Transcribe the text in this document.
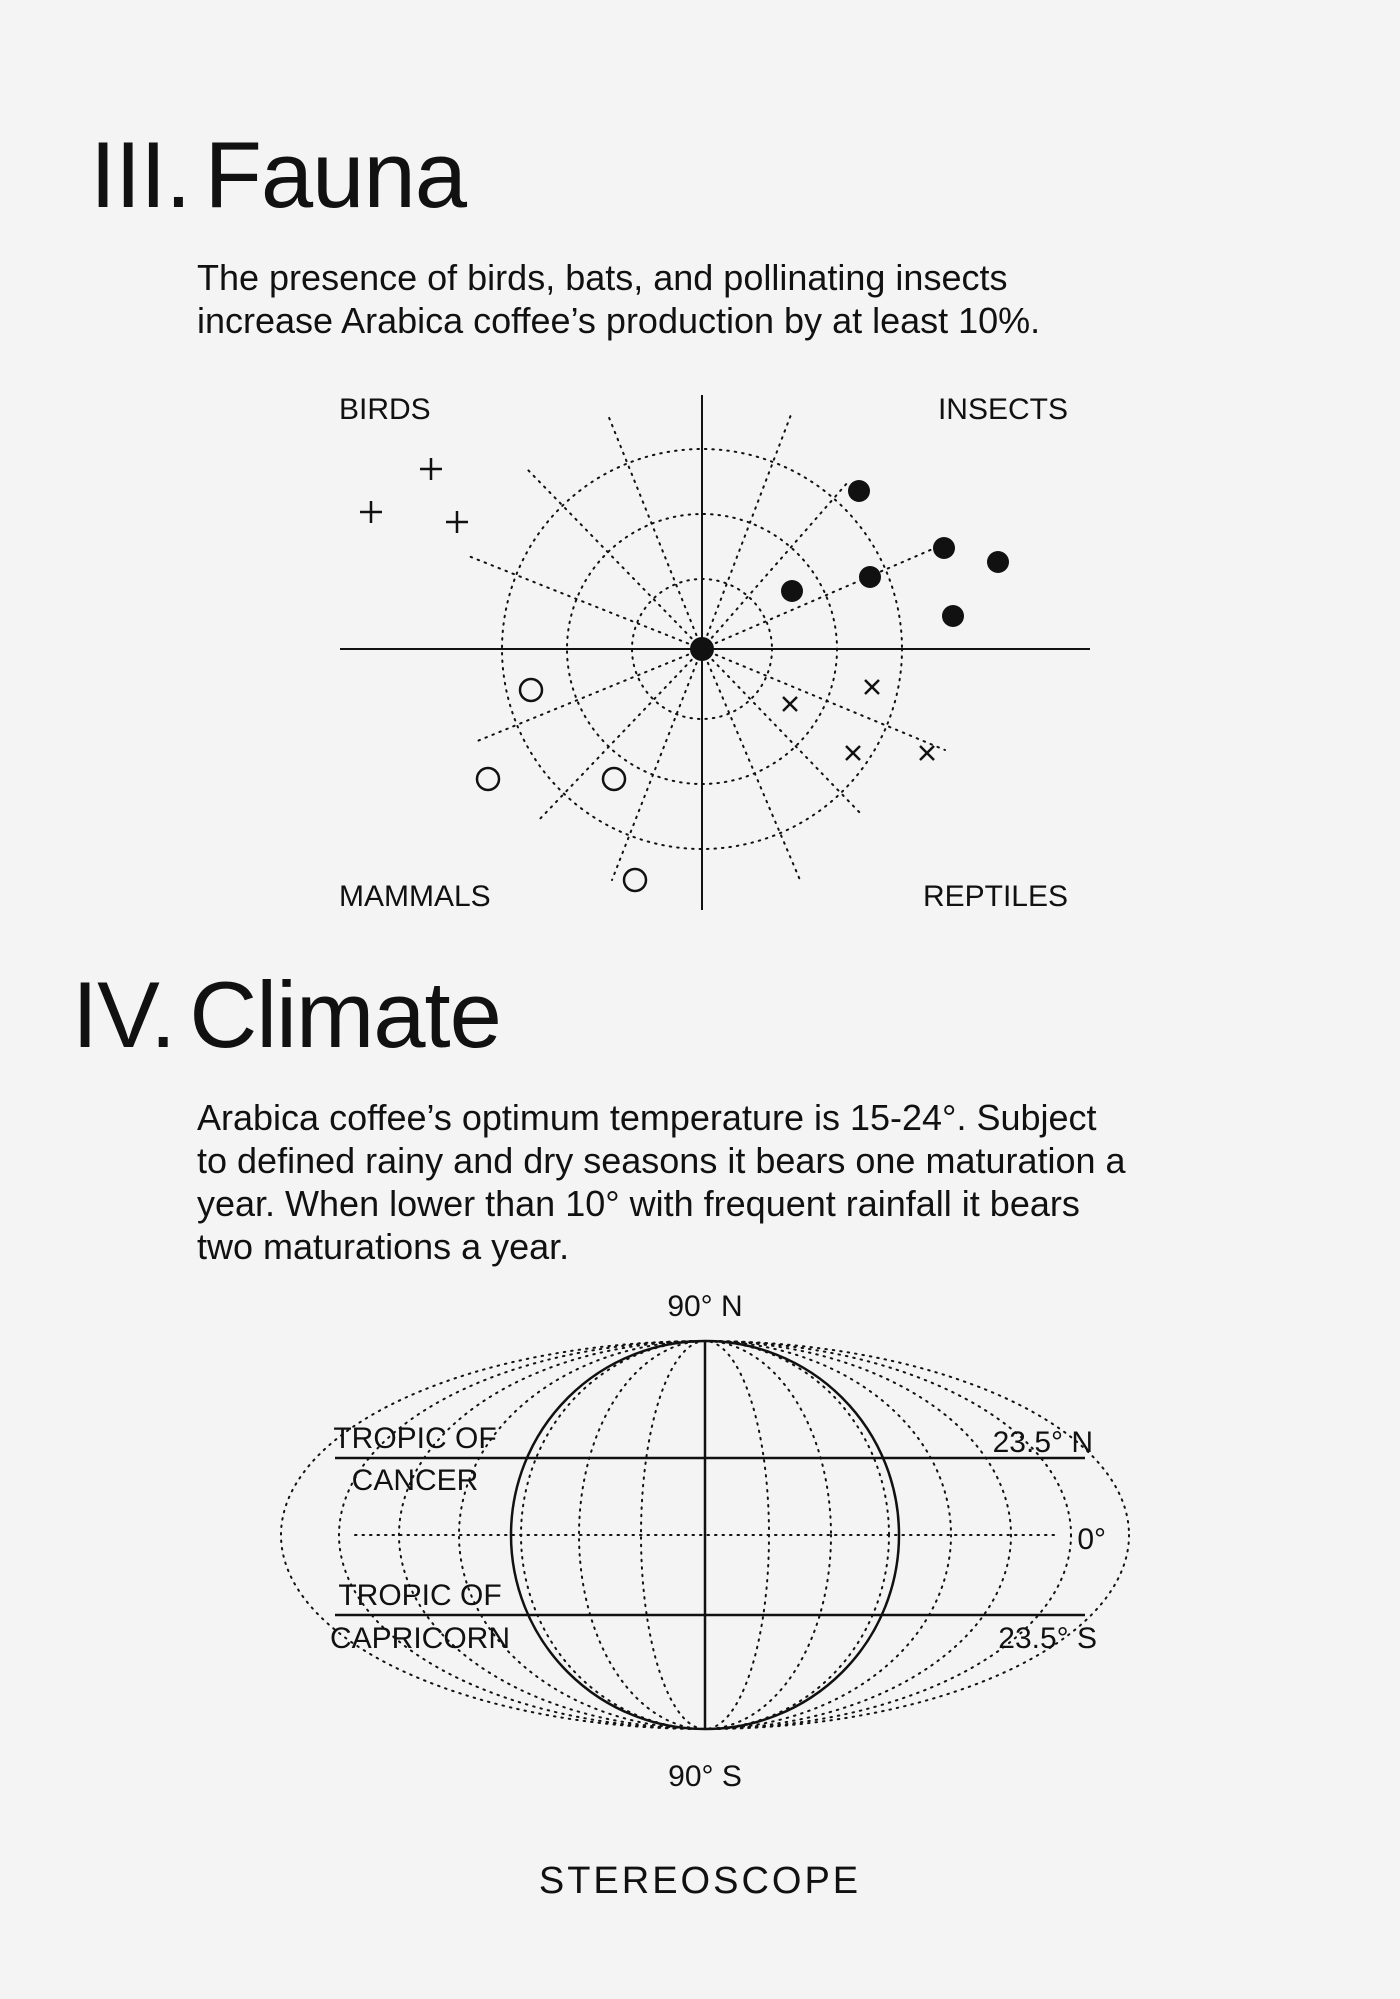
III. Fauna

The presence of birds, bats, and pollinating insects
increase Arabica coffee’s production by at least 10%.

BIRDS	INSECTS
MAMMALS	REPTILES
IV. Climate

Arabica coffee’s optimum temperature is 15-24°. Subject
to defined rainy and dry seasons it bears one maturation a
year. When lower than 10° with frequent rainfall it bears
two maturations a year.

90° N
90° S
TROPIC OF
CANCER
TROPIC OF
CAPRICORN
23.5° N
0°
23.5° S
STEREOSCOPE
